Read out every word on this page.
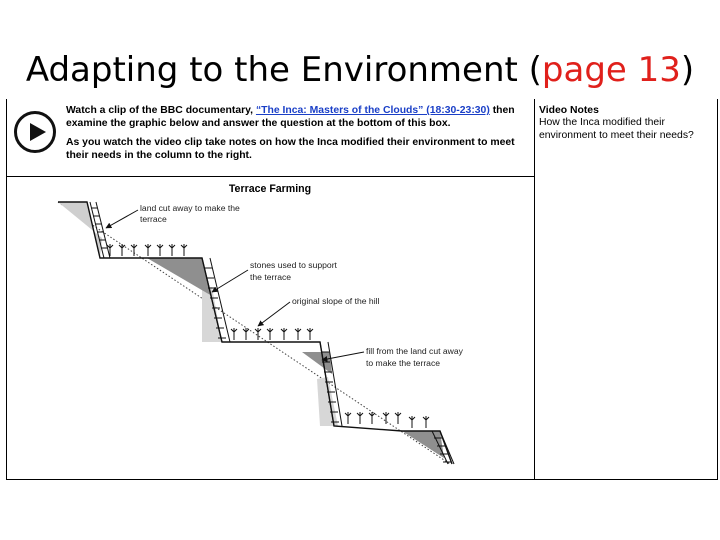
Adapting to the Environment (page 13)

Watch a clip of the BBC documentary, “The Inca: Masters of the Clouds” (18:30-23:30) then examine the graphic below and answer the question at the bottom of this box.

As you watch the video clip take notes on how the Inca modified their environment to meet their needs in the column to the right.

Video Notes
How the Inca modified their environment to meet their needs?
Terrace Farming
land cut away to make the
terrace
stones used to support
the terrace
original slope of the hill
fill from the land cut away
to make the terrace
